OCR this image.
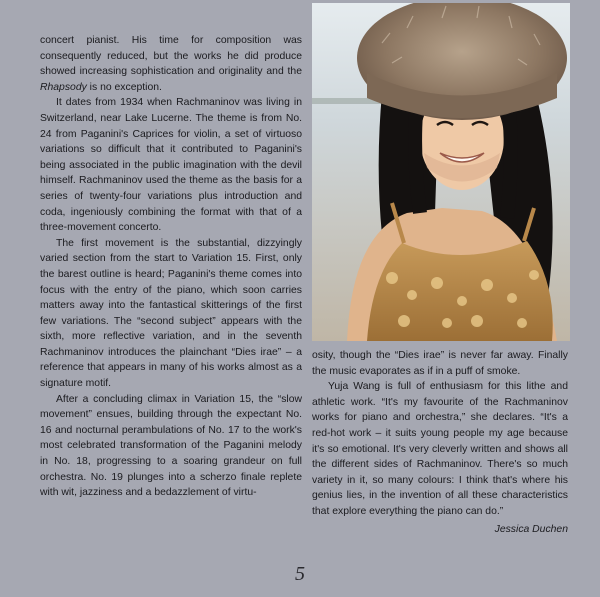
concert pianist. His time for composition was consequently reduced, but the works he did produce showed increasing sophistication and originality and the Rhapsody is no exception.

It dates from 1934 when Rachmaninov was living in Switzerland, near Lake Lucerne. The theme is from No. 24 from Paganini's Caprices for violin, a set of virtuoso variations so difficult that it contributed to Paganini's being associated in the public imagination with the devil himself. Rachmaninov used the theme as the basis for a series of twenty-four variations plus introduction and coda, ingeniously combining the format with that of a three-movement concerto.

The first movement is the substantial, dizzyingly varied section from the start to Variation 15. First, only the barest outline is heard; Paganini's theme comes into focus with the entry of the piano, which soon carries matters away into the fantastical skitterings of the first few variations. The “second subject” appears with the sixth, more reflective variation, and in the seventh Rachmaninov introduces the plainchant “Dies irae” – a reference that appears in many of his works almost as a signature motif.

After a concluding climax in Variation 15, the “slow movement” ensues, building through the expectant No. 16 and nocturnal perambulations of No. 17 to the work's most celebrated transformation of the Paganini melody in No. 18, progressing to a soaring grandeur on full orchestra. No. 19 plunges into a scherzo finale replete with wit, jazziness and a bedazzlement of virtu-

osity, though the “Dies irae” is never far away. Finally the music evaporates as if in a puff of smoke.

Yuja Wang is full of enthusiasm for this lithe and athletic work. “It's my favourite of the Rachmaninov works for piano and orchestra,” she declares. “It's a red-hot work – it suits young people my age because it's so emotional. It's very cleverly written and shows all the different sides of Rachmaninov. There's so much variety in it, so many colours: I think that's where his genius lies, in the invention of all these characteristics that explore everything the piano can do.”

Jessica Duchen
5
